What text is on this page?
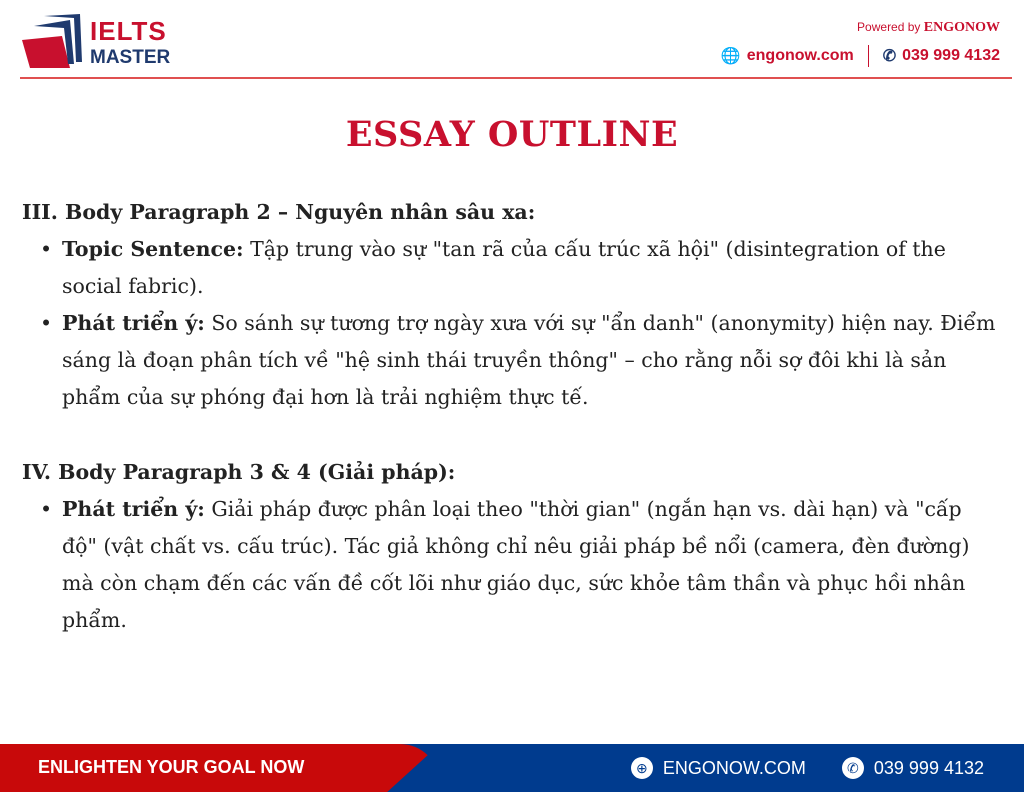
IELTS
MASTER
Powered by ENGONOW
🌐 engonow.com ✆ 039 999 4132
ESSAY OUTLINE
III. Body Paragraph 2 – Nguyên nhân sâu xa:
• Topic Sentence: Tập trung vào sự "tan rã của cấu trúc xã hội" (disintegration of the social fabric).
• Phát triển ý: So sánh sự tương trợ ngày xưa với sự "ẩn danh" (anonymity) hiện nay. Điểm sáng là đoạn phân tích về "hệ sinh thái truyền thông" – cho rằng nỗi sợ đôi khi là sản phẩm của sự phóng đại hơn là trải nghiệm thực tế.
IV. Body Paragraph 3 & 4 (Giải pháp):
• Phát triển ý: Giải pháp được phân loại theo "thời gian" (ngắn hạn vs. dài hạn) và "cấp độ" (vật chất vs. cấu trúc). Tác giả không chỉ nêu giải pháp bề nổi (camera, đèn đường) mà còn chạm đến các vấn đề cốt lõi như giáo dục, sức khỏe tâm thần và phục hồi nhân phẩm.
ENLIGHTEN YOUR GOAL NOW	⊕ ENGONOW.COM	✆ 039 999 4132
